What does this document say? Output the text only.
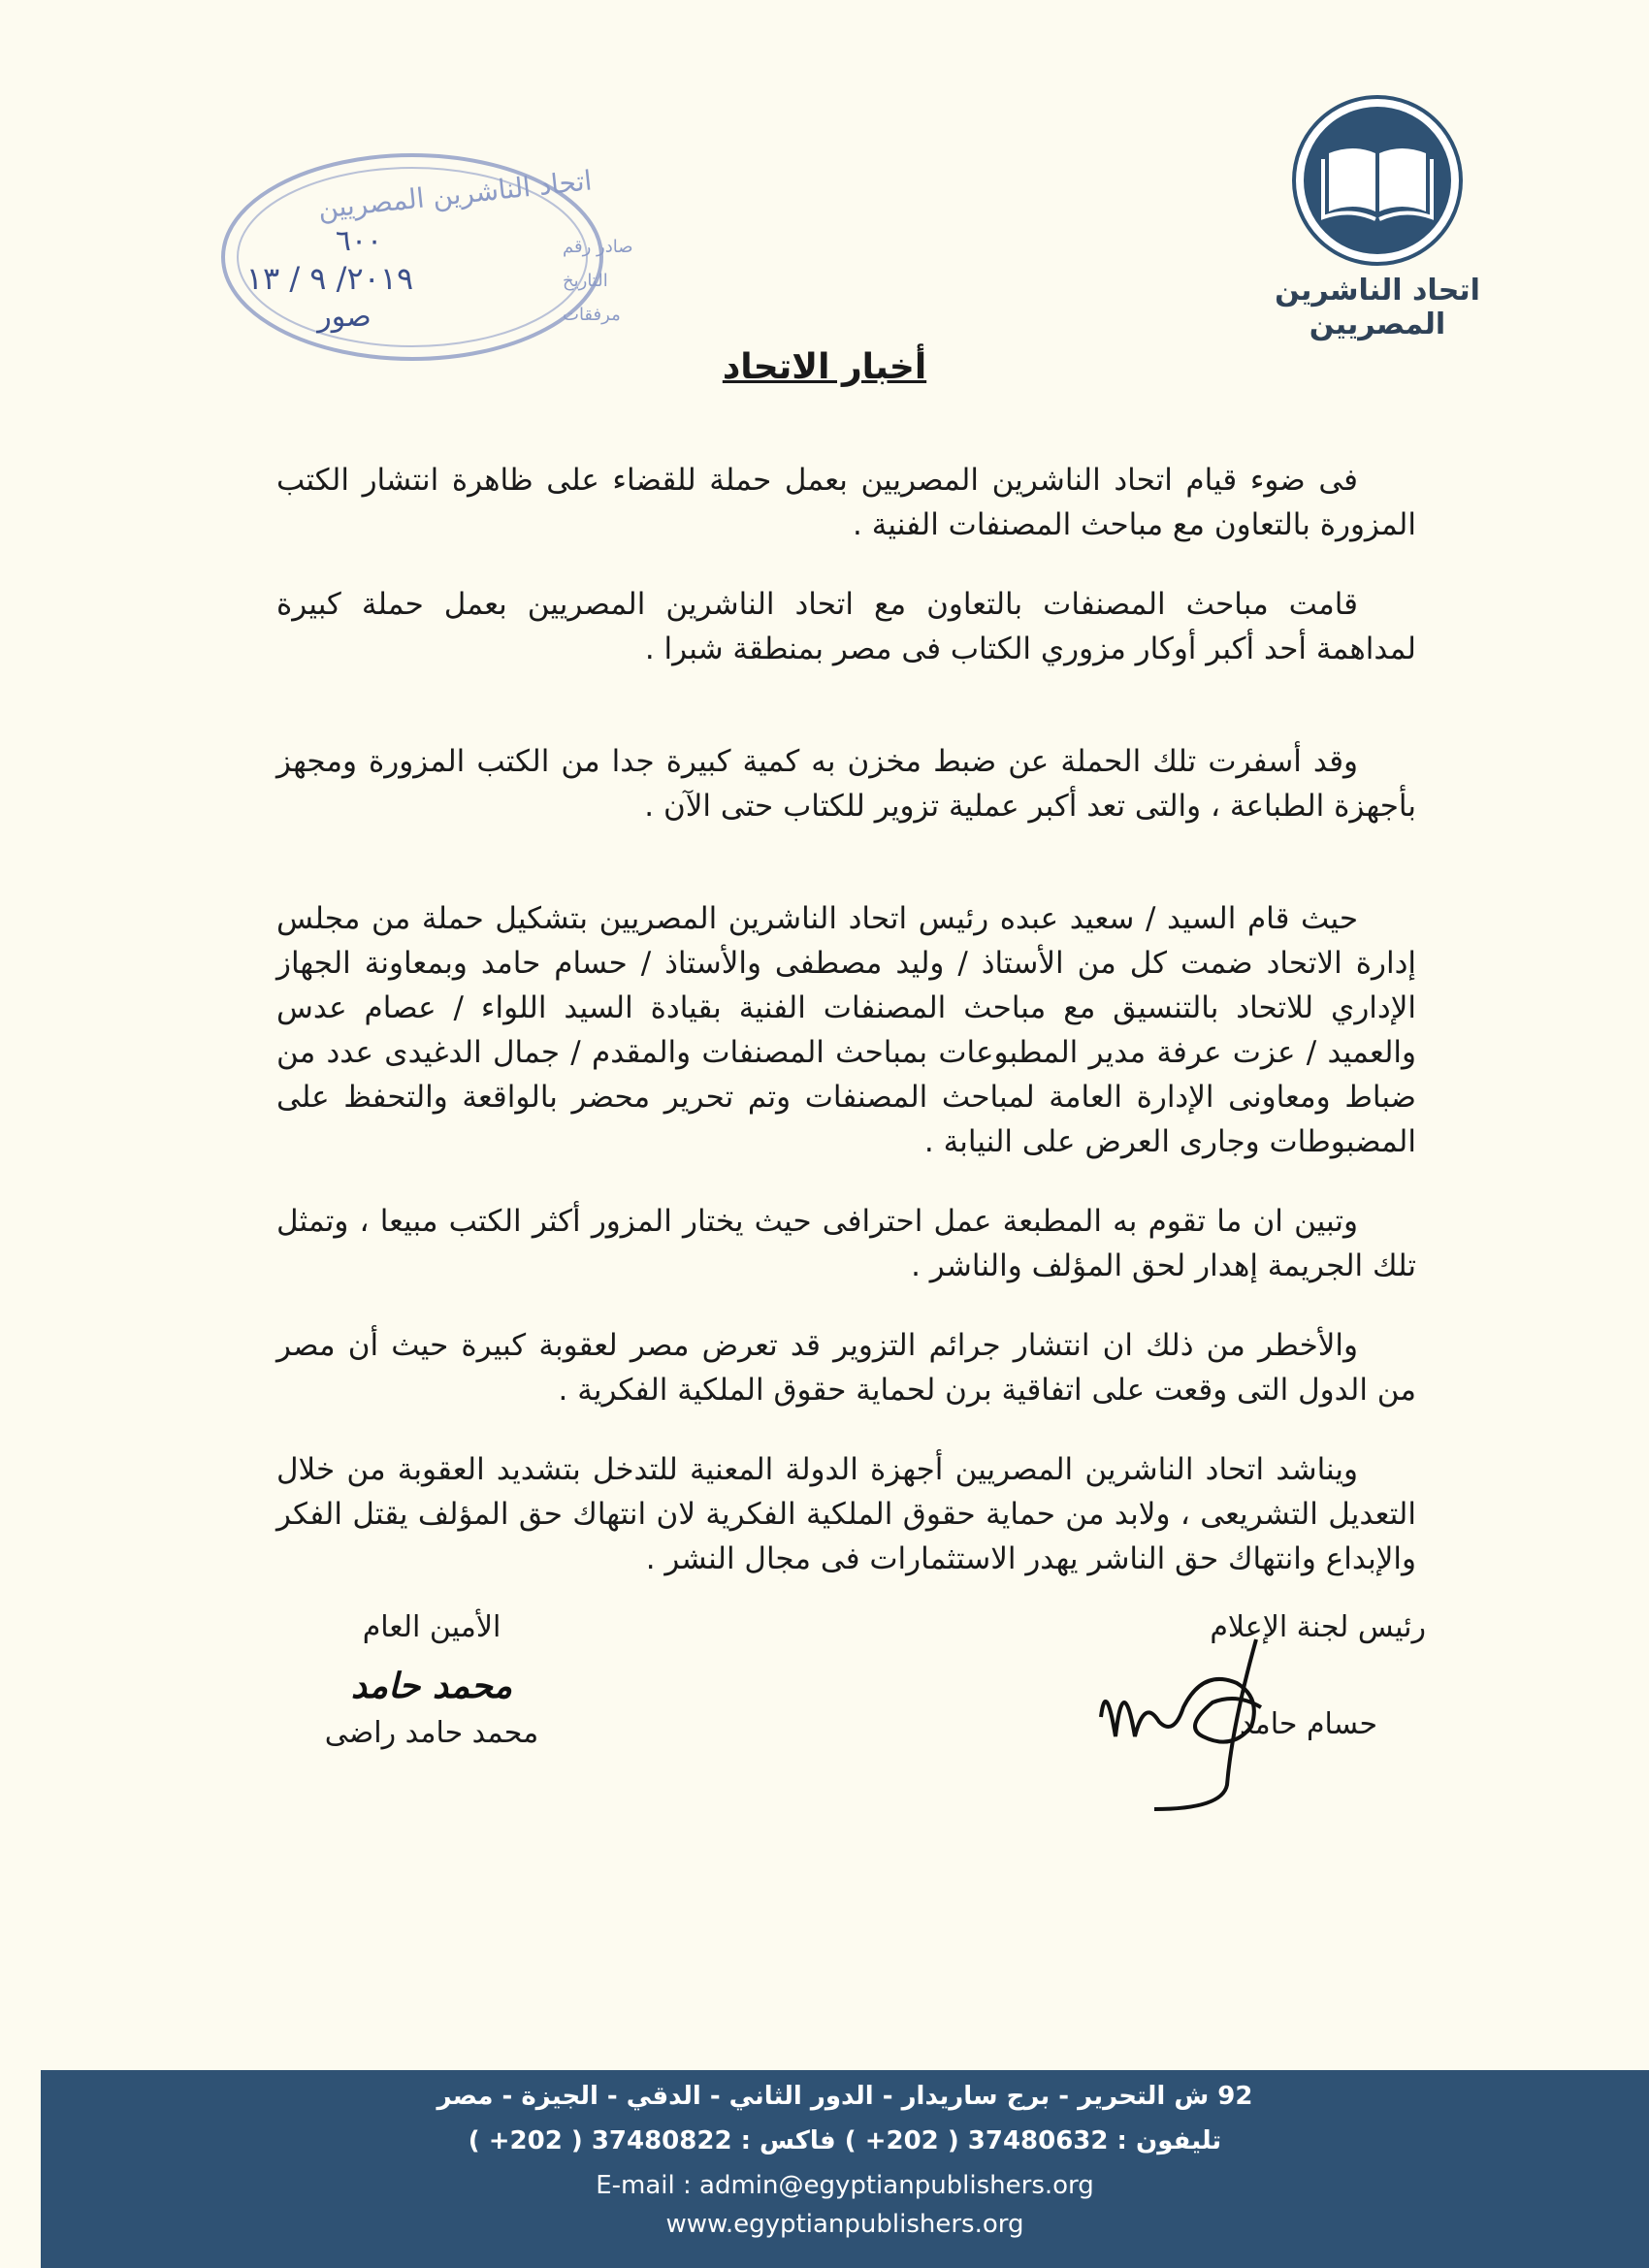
اتحاد الناشرين المصريين
اتحاد الناشرين المصريين
صادر رقم
التاريخ
مرفقات
٦٠٠
٢٠١٩/ ٩ / ١٣
صور
أخبار الاتحاد

فى ضوء قيام اتحاد الناشرين المصريين بعمل حملة للقضاء على ظاهرة انتشار الكتب المزورة بالتعاون مع مباحث المصنفات الفنية .

قامت مباحث المصنفات بالتعاون مع اتحاد الناشرين المصريين بعمل حملة كبيرة لمداهمة أحد أكبر أوكار مزوري الكتاب فى مصر بمنطقة شبرا .

وقد أسفرت تلك الحملة عن ضبط مخزن به كمية كبيرة جدا من الكتب المزورة ومجهز بأجهزة الطباعة ، والتى تعد أكبر عملية تزوير للكتاب حتى الآن .

حيث قام السيد / سعيد عبده رئيس اتحاد الناشرين المصريين بتشكيل حملة من مجلس إدارة الاتحاد ضمت كل من الأستاذ / وليد مصطفى والأستاذ / حسام حامد وبمعاونة الجهاز الإداري للاتحاد بالتنسيق مع مباحث المصنفات الفنية بقيادة السيد اللواء / عصام عدس والعميد / عزت عرفة مدير المطبوعات بمباحث المصنفات والمقدم / جمال الدغيدى عدد من ضباط ومعاونى الإدارة العامة لمباحث المصنفات وتم تحرير محضر بالواقعة والتحفظ على المضبوطات وجارى العرض على النيابة .

وتبين ان ما تقوم به المطبعة عمل احترافى حيث يختار المزور أكثر الكتب مبيعا ، وتمثل تلك الجريمة إهدار لحق المؤلف والناشر .

والأخطر من ذلك ان انتشار جرائم التزوير قد تعرض مصر لعقوبة كبيرة حيث أن مصر من الدول التى وقعت على اتفاقية برن لحماية حقوق الملكية الفكرية .

ويناشد اتحاد الناشرين المصريين أجهزة الدولة المعنية للتدخل بتشديد العقوبة من خلال التعديل التشريعى ، ولابد من حماية حقوق الملكية الفكرية لان انتهاك حق المؤلف يقتل الفكر والإبداع وانتهاك حق الناشر يهدر الاستثمارات فى مجال النشر .

الأمين العام
محمد حامد
محمد حامد راضى
رئيس لجنة الإعلام
حسام حامد
92 ش التحرير - برج ساريدار - الدور الثاني - الدقي - الجيزة - مصر
تليفون : 37480632 ( 202+ ) فاكس : 37480822 ( 202+ )
E-mail : admin@egyptianpublishers.org
www.egyptianpublishers.org
